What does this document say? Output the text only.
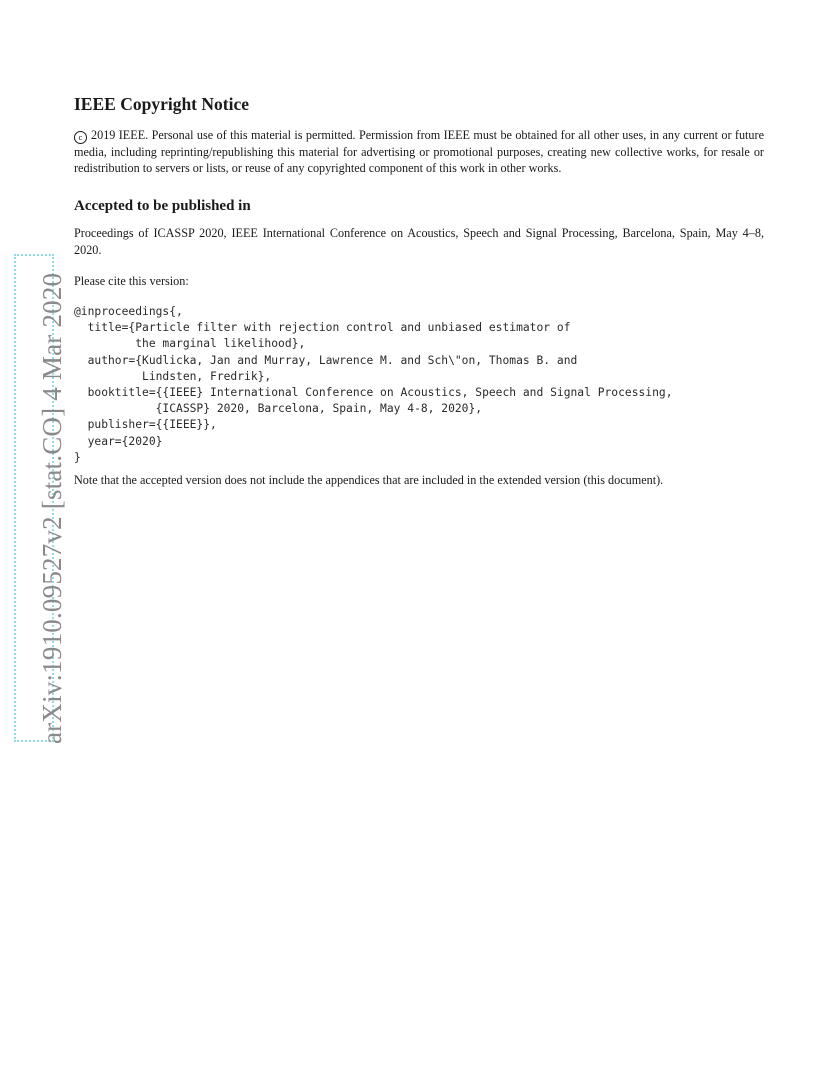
arXiv:1910.09527v2 [stat.CO] 4 Mar 2020
IEEE Copyright Notice

c 2019 IEEE. Personal use of this material is permitted. Permission from IEEE must be obtained for all other uses, in any current or future media, including reprinting/republishing this material for advertising or promotional purposes, creating new collective works, for resale or redistribution to servers or lists, or reuse of any copyrighted component of this work in other works.

Accepted to be published in

Proceedings of ICASSP 2020, IEEE International Conference on Acoustics, Speech and Signal Processing, Barcelona, Spain, May 4–8, 2020.

Please cite this version:

@inproceedings{,
title={Particle filter with rejection control and unbiased estimator of
the marginal likelihood},
author={Kudlicka, Jan and Murray, Lawrence M. and Sch\"on, Thomas B. and
Lindsten, Fredrik},
booktitle={{IEEE} International Conference on Acoustics, Speech and Signal Processing,
{ICASSP} 2020, Barcelona, Spain, May 4-8, 2020},
publisher={{IEEE}},
year={2020}
}

Note that the accepted version does not include the appendices that are included in the extended version (this document).
